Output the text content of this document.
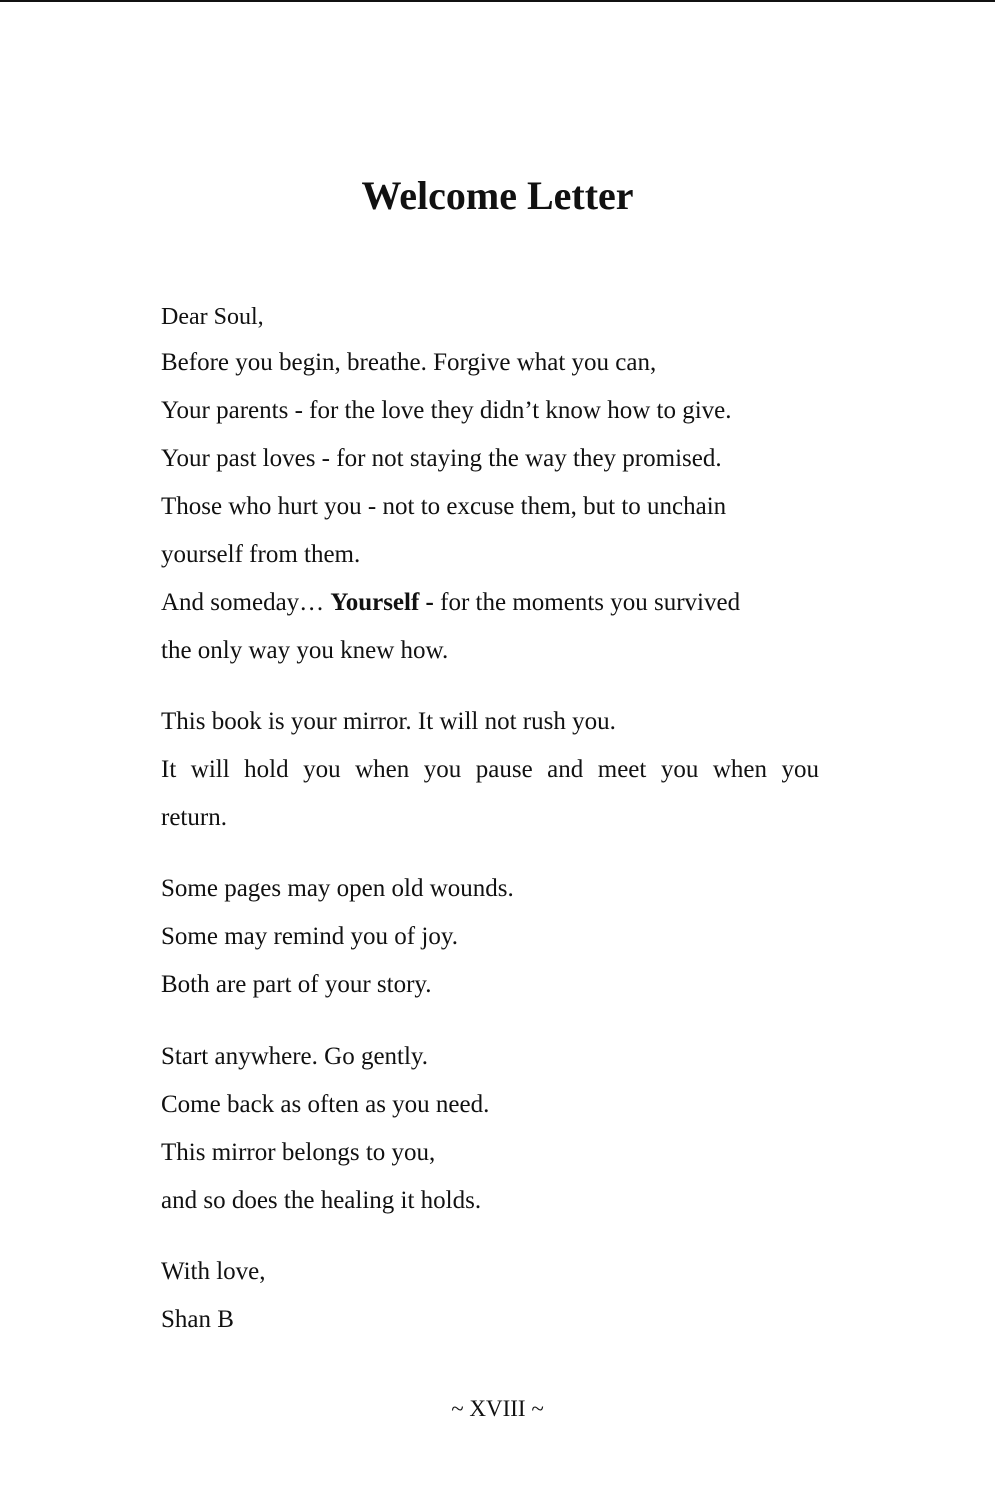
Welcome Letter

Dear Soul,

Before you begin, breathe. Forgive what you can,

Your parents - for the love they didn’t know how to give.

Your past loves - for not staying the way they promised.

Those who hurt you - not to excuse them, but to unchain

yourself from them.

And someday… Yourself - for the moments you survived

the only way you knew how.

This book is your mirror. It will not rush you.

It will hold you when you pause and meet you when you

return.

Some pages may open old wounds.

Some may remind you of joy.

Both are part of your story.

Start anywhere. Go gently.

Come back as often as you need.

This mirror belongs to you,

and so does the healing it holds.

With love,

Shan B

~ XVIII ~
